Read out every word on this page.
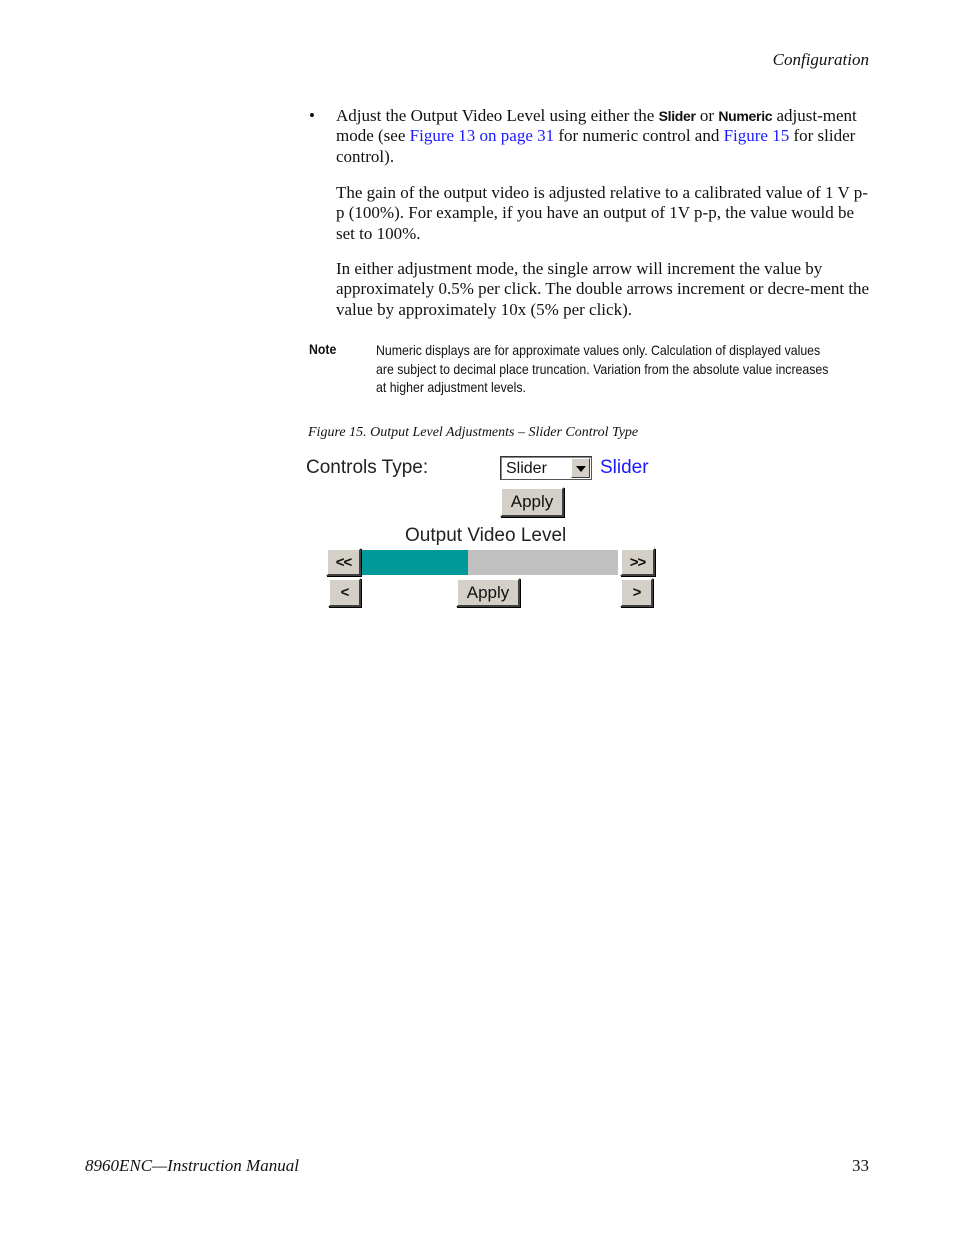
Configuration
• Adjust the Output Video Level using either the Slider or Numeric adjust-ment mode (see Figure 13 on page 31 for numeric control and Figure 15 for slider control).

The gain of the output video is adjusted relative to a calibrated value of 1 V p-p (100%). For example, if you have an output of 1V p-p, the value would be set to 100%.

In either adjustment mode, the single arrow will increment the value by approximately 0.5% per click. The double arrows increment or decre-ment the value by approximately 10x (5% per click).

Note	Numeric displays are for approximate values only. Calculation of displayed values are subject to decimal place truncation. Variation from the absolute value increases at higher adjustment levels.

Figure 15. Output Level Adjustments – Slider Control Type
Controls Type:	Slider	Slider
Apply
Output Video Level
<<	>>
<	Apply	>
8960ENC—Instruction Manual	33
